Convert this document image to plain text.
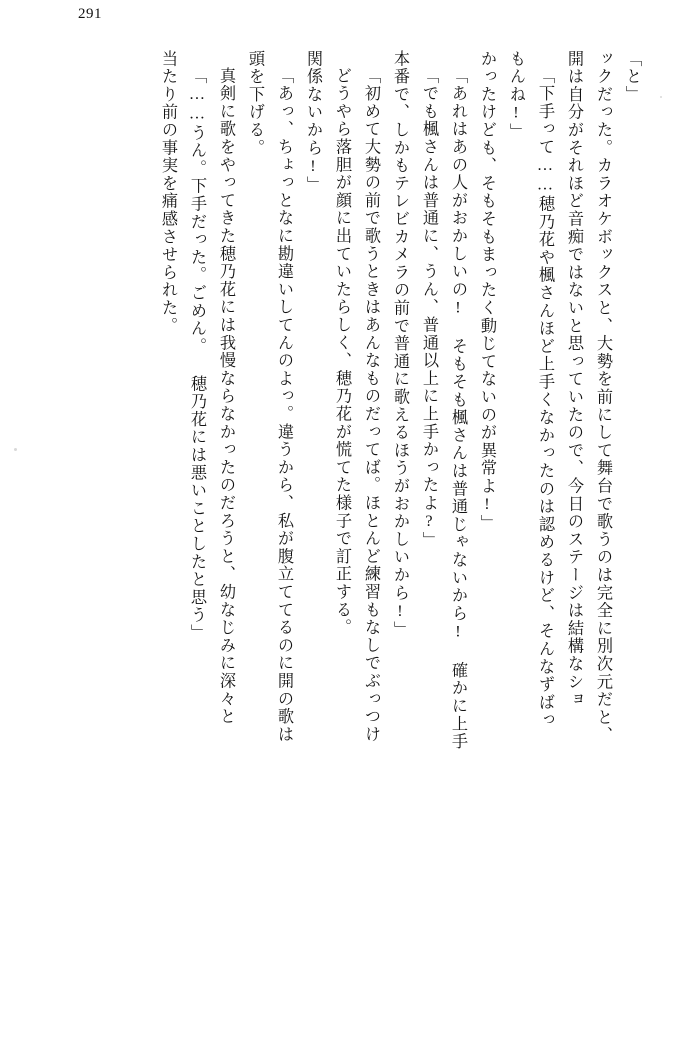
291
「と」
ックだった。カラオケボックスと、大勢を前にして舞台で歌うのは完全に別次元だと、
開は自分がそれほど音痴ではないと思っていたので、今日のステージは結構なショ
「下手って……穂乃花や楓さんほど上手くなかったのは認めるけど、そんなずばっ
もんね!」
かったけども、そもそもまったく動じてないのが異常よ!」
「あれはあの人がおかしいの! そもそも楓さんは普通じゃないから! 確かに上手
「でも楓さんは普通に、うん、普通以上に上手かったよ?」
本番で、しかもテレビカメラの前で普通に歌えるほうがおかしいから!」
「初めて大勢の前で歌うときはあんなものだってば。ほとんど練習もなしでぶっつけ
どうやら落胆が顔に出ていたらしく、穂乃花が慌てた様子で訂正する。
関係ないから!」
「あっ、ちょっとなに勘違いしてんのよっ。違うから、私が腹立ててるのに開の歌は
頭を下げる。
真剣に歌をやってきた穂乃花には我慢ならなかったのだろうと、幼なじみに深々と
「……うん。下手だった。ごめん。 穂乃花には悪いことしたと思う」
当たり前の事実を痛感させられた。
